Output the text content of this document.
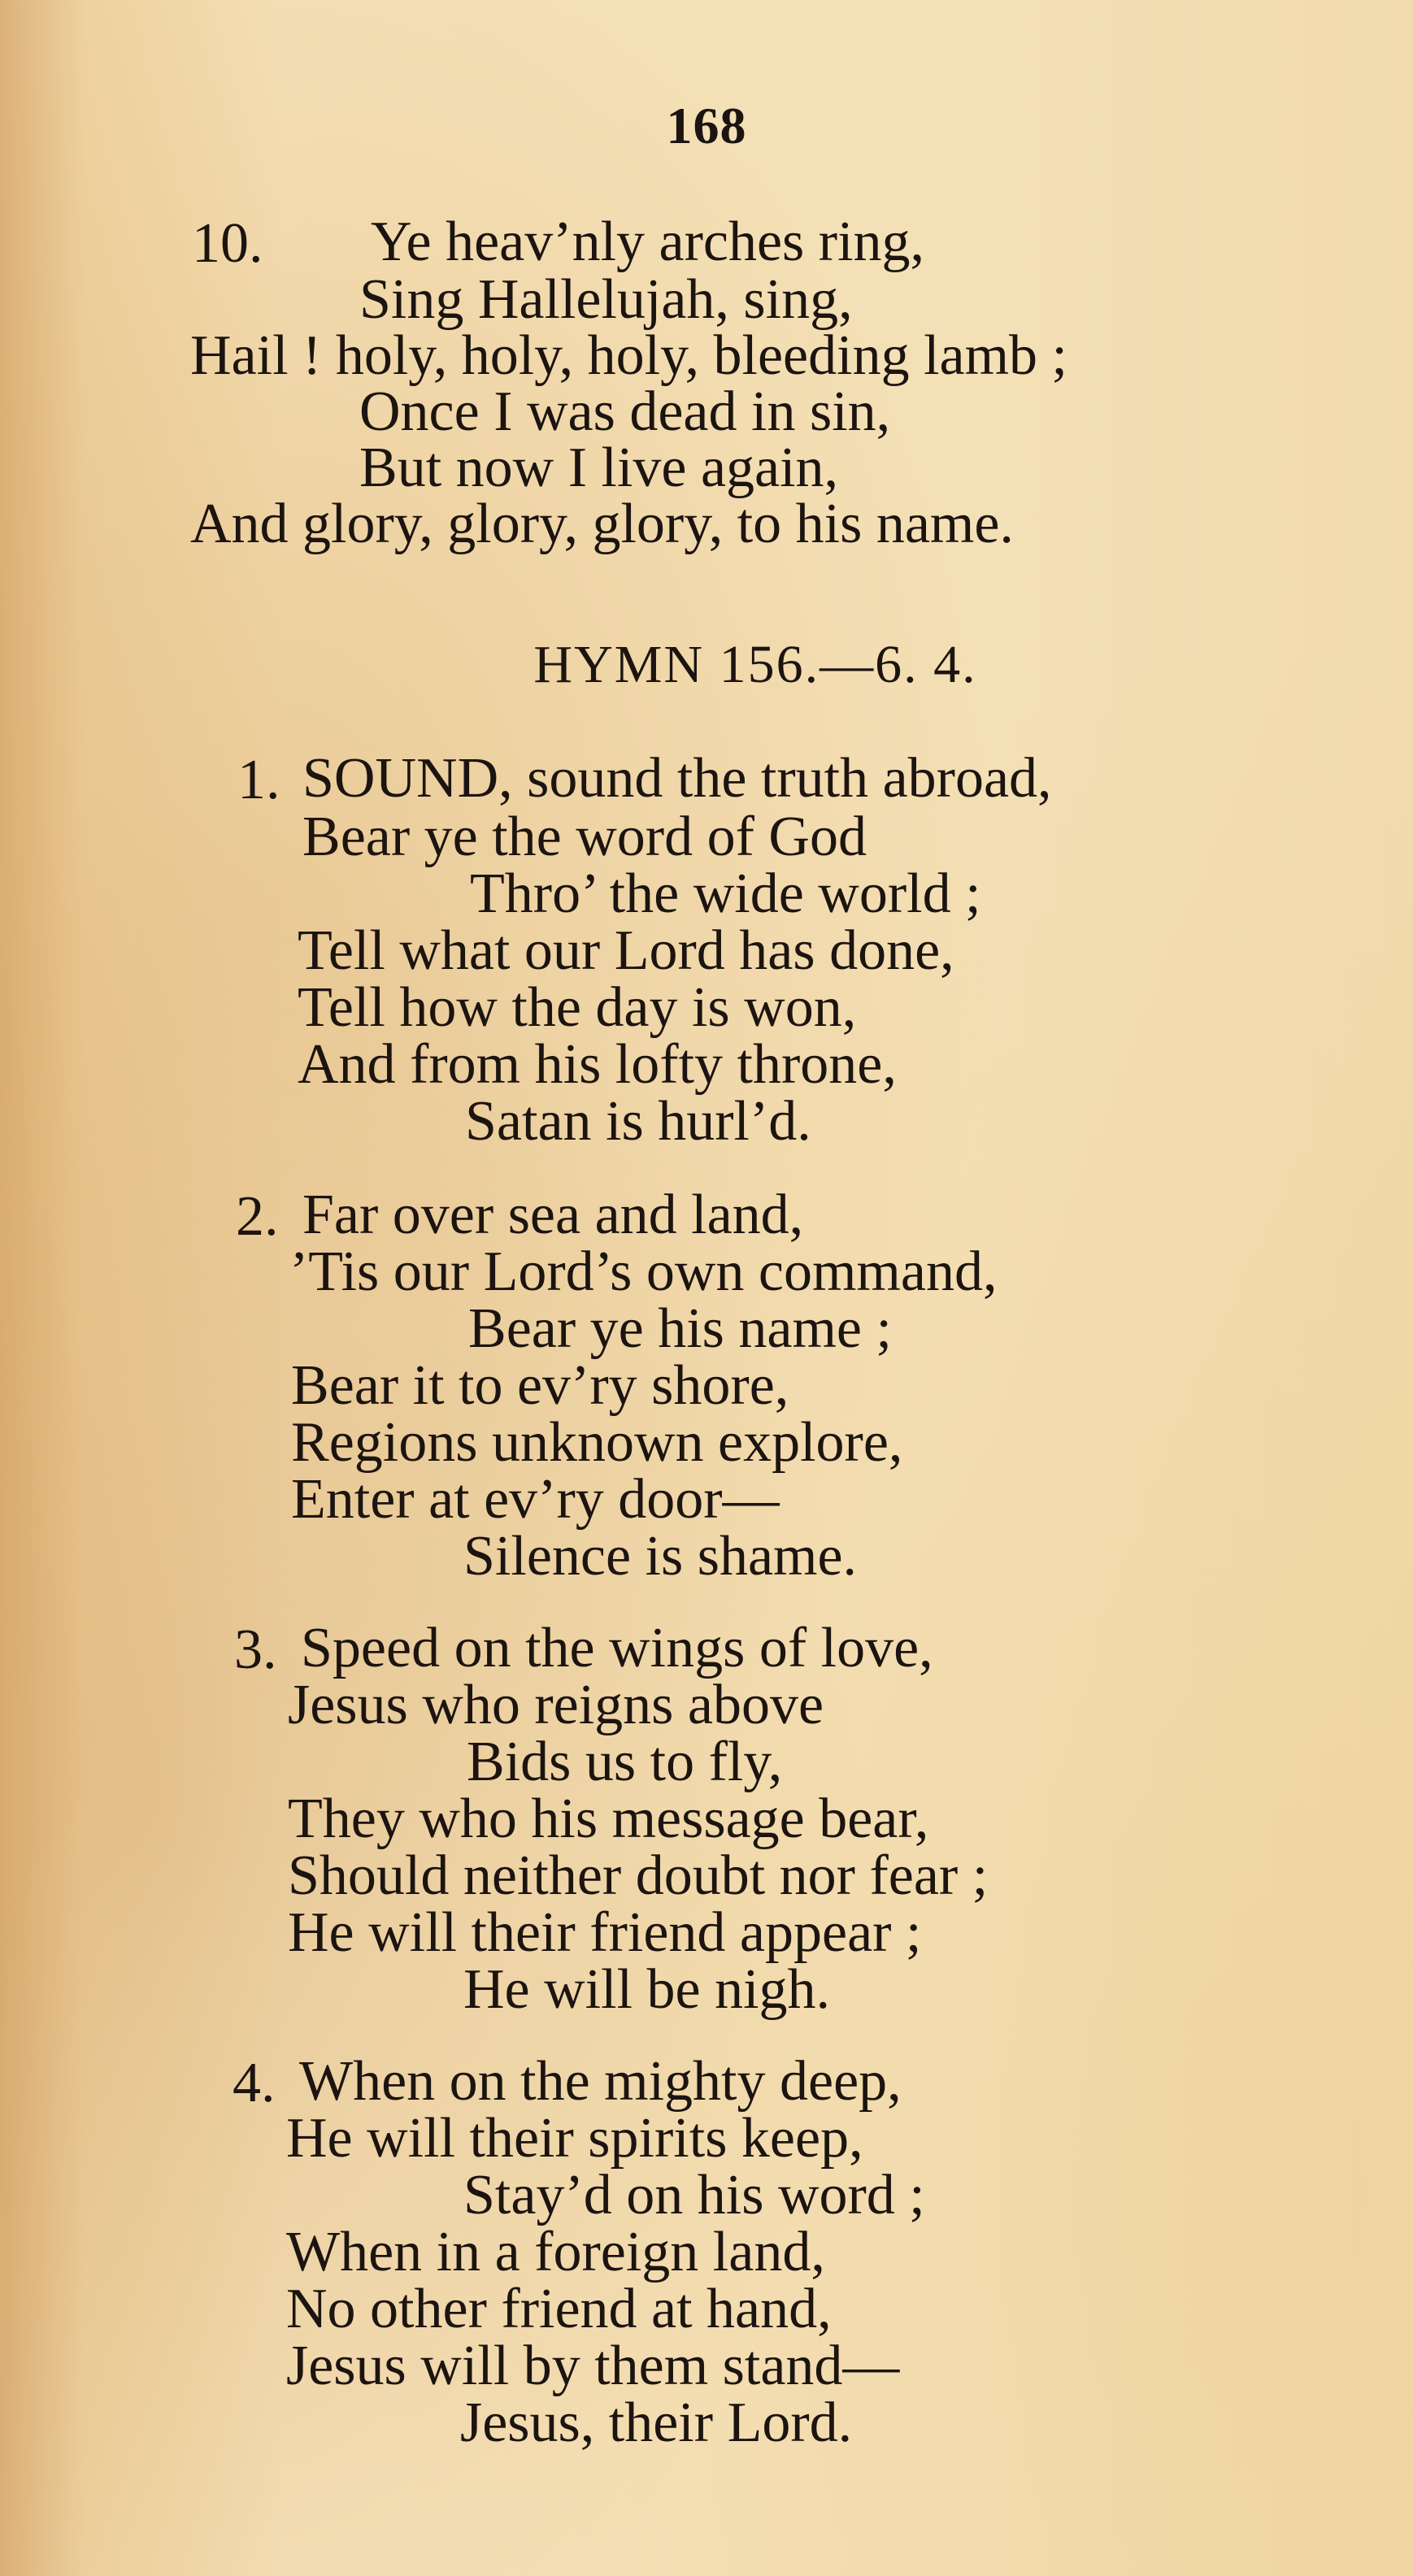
168
10. Ye heav’nly arches ring,
Sing Hallelujah, sing,
Hail ! holy, holy, holy, bleeding lamb ;
Once I was dead in sin,
But now I live again,
And glory, glory, glory, to his name.
HYMN 156.—6. 4.
1. SOUND, sound the truth abroad,
Bear ye the word of God
Thro’ the wide world ;
Tell what our Lord has done,
Tell how the day is won,
And from his lofty throne,
Satan is hurl’d.
2. Far over sea and land,
’Tis our Lord’s own command,
Bear ye his name ;
Bear it to ev’ry shore,
Regions unknown explore,
Enter at ev’ry door—
Silence is shame.
3. Speed on the wings of love,
Jesus who reigns above
Bids us to fly,
They who his message bear,
Should neither doubt nor fear ;
He will their friend appear ;
He will be nigh.
4. When on the mighty deep,
He will their spirits keep,
Stay’d on his word ;
When in a foreign land,
No other friend at hand,
Jesus will by them stand—
Jesus, their Lord.
